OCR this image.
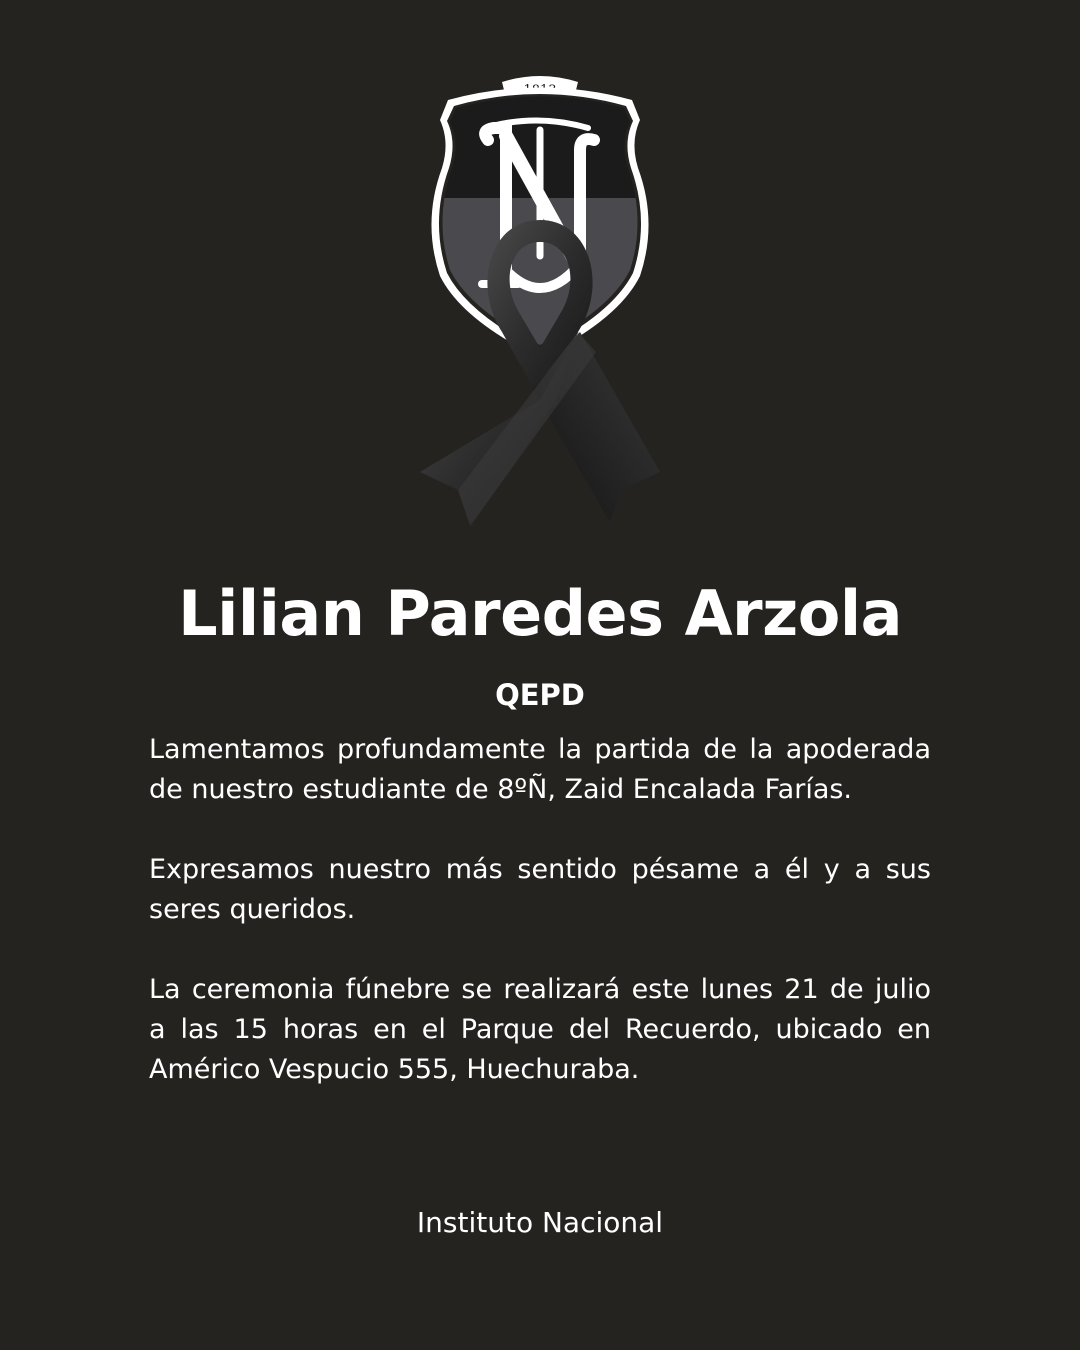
Lilian Paredes Arzola
QEPD

Lamentamos profundamente la partida de la apoderada de nuestro estudiante de 8ºÑ, Zaid Encalada Farías.

Expresamos nuestro más sentido pésame a él y a sus seres queridos.

La ceremonia fúnebre se realizará este lunes 21 de julio a las 15 horas en el Parque del Recuerdo, ubicado en Américo Vespucio 555, Huechuraba.

Instituto Nacional
